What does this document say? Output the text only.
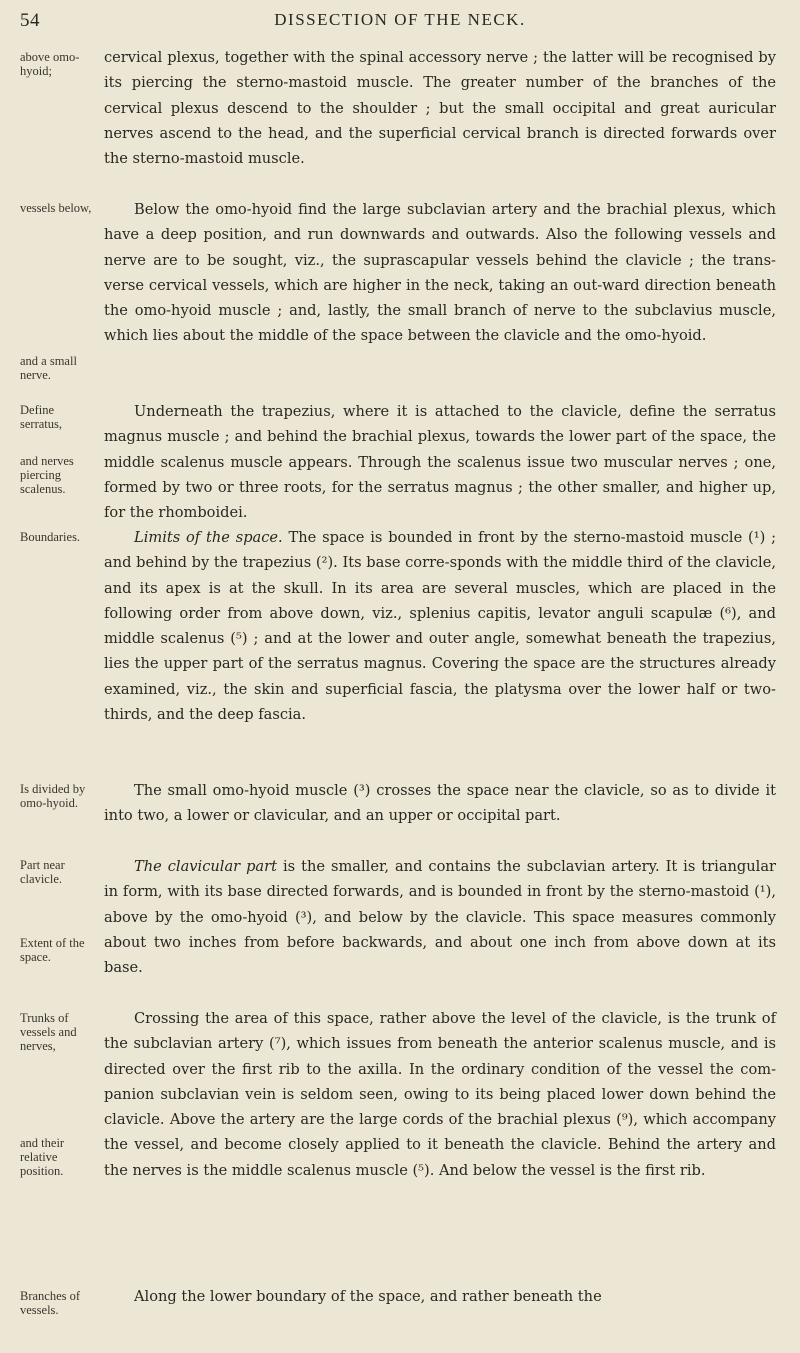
54	DISSECTION OF THE NECK.
above omo-hyoid;
vessels below,
and a small nerve.
Define serratus,
and nerves piercing scalenus.
Boundaries.
Is divided by omo-hyoid.
Part near clavicle.
Extent of the space.
Trunks of vessels and nerves,
and their relative position.
Branches of vessels.

cervical plexus, together with the spinal accessory nerve ; the latter will be recognised by its piercing the sterno-mastoid muscle. The greater number of the branches of the cervical plexus descend to the shoulder ; but the small occipital and great auricular nerves ascend to the head, and the superficial cervical branch is directed forwards over the sterno-mastoid muscle.

Below the omo-hyoid find the large subclavian artery and the brachial plexus, which have a deep position, and run downwards and outwards. Also the following vessels and nerve are to be sought, viz., the suprascapular vessels behind the clavicle ; the trans-verse cervical vessels, which are higher in the neck, taking an out-ward direction beneath the omo-hyoid muscle ; and, lastly, the small branch of nerve to the subclavius muscle, which lies about the middle of the space between the clavicle and the omo-hyoid.

Underneath the trapezius, where it is attached to the clavicle, define the serratus magnus muscle ; and behind the brachial plexus, towards the lower part of the space, the middle scalenus muscle appears. Through the scalenus issue two muscular nerves ; one, formed by two or three roots, for the serratus magnus ; the other smaller, and higher up, for the rhomboidei.

Limits of the space. The space is bounded in front by the sterno-mastoid muscle (¹) ; and behind by the trapezius (²). Its base corre-sponds with the middle third of the clavicle, and its apex is at the skull. In its area are several muscles, which are placed in the following order from above down, viz., splenius capitis, levator anguli scapulæ (⁶), and middle scalenus (⁵) ; and at the lower and outer angle, somewhat beneath the trapezius, lies the upper part of the serratus magnus. Covering the space are the structures already examined, viz., the skin and superficial fascia, the platysma over the lower half or two-thirds, and the deep fascia.

The small omo-hyoid muscle (³) crosses the space near the clavicle, so as to divide it into two, a lower or clavicular, and an upper or occipital part.

The clavicular part is the smaller, and contains the subclavian artery. It is triangular in form, with its base directed forwards, and is bounded in front by the sterno-mastoid (¹), above by the omo-hyoid (³), and below by the clavicle. This space measures commonly about two inches from before backwards, and about one inch from above down at its base.

Crossing the area of this space, rather above the level of the clavicle, is the trunk of the subclavian artery (⁷), which issues from beneath the anterior scalenus muscle, and is directed over the first rib to the axilla. In the ordinary condition of the vessel the com-panion subclavian vein is seldom seen, owing to its being placed lower down behind the clavicle. Above the artery are the large cords of the brachial plexus (⁹), which accompany the vessel, and become closely applied to it beneath the clavicle. Behind the artery and the nerves is the middle scalenus muscle (⁵). And below the vessel is the first rib.

Along the lower boundary of the space, and rather beneath the
